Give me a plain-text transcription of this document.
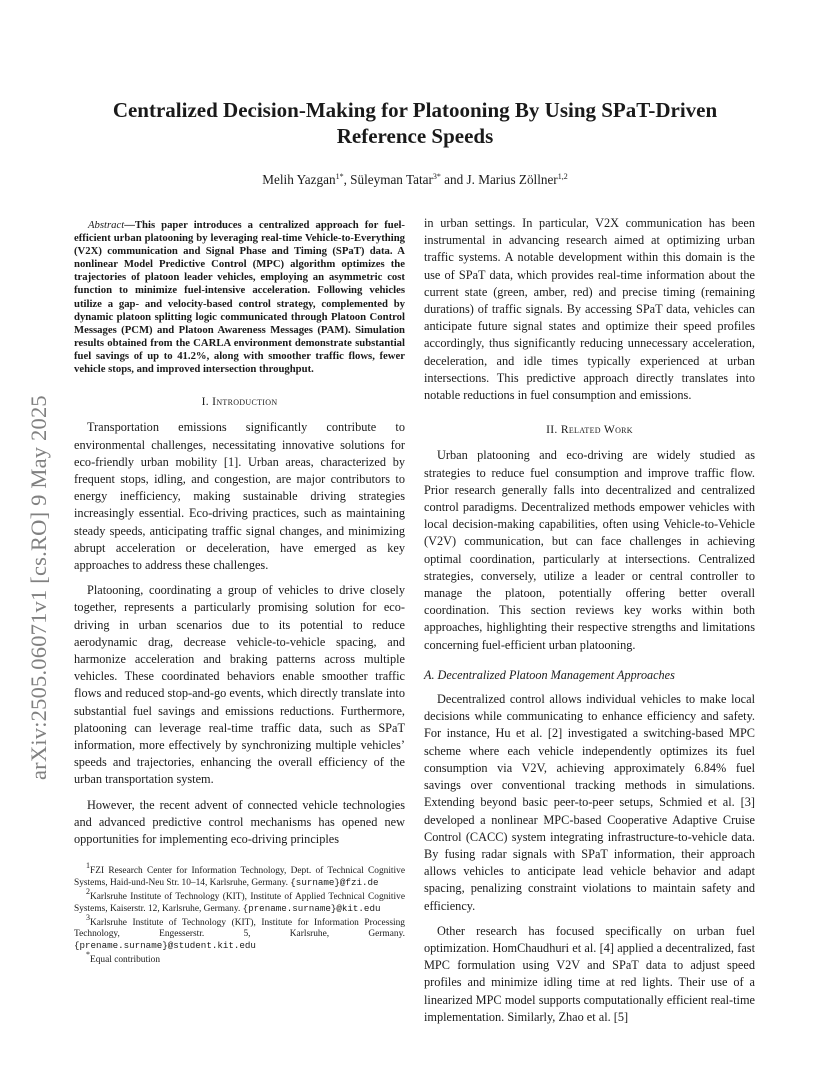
arXiv:2505.06071v1 [cs.RO] 9 May 2025
Centralized Decision-Making for Platooning By Using SPaT-Driven
Reference Speeds
Melih Yazgan$^{1*}$, Süleyman Tatar$^{3*}$ and J. Marius Zöllner$^{1,2}$

Abstract—This paper introduces a centralized approach for fuel-efficient urban platooning by leveraging real-time Vehicle-to-Everything (V2X) communication and Signal Phase and Timing (SPaT) data. A nonlinear Model Predictive Control (MPC) algorithm optimizes the trajectories of platoon leader vehicles, employing an asymmetric cost function to minimize fuel-intensive acceleration. Following vehicles utilize a gap- and velocity-based control strategy, complemented by dynamic platoon splitting logic communicated through Platoon Control Messages (PCM) and Platoon Awareness Messages (PAM). Simulation results obtained from the CARLA environment demonstrate substantial fuel savings of up to 41.2%, along with smoother traffic flows, fewer vehicle stops, and improved intersection throughput.

I. Introduction

Transportation emissions significantly contribute to environmental challenges, necessitating innovative solutions for eco-friendly urban mobility [1]. Urban areas, characterized by frequent stops, idling, and congestion, are major contributors to energy inefficiency, making sustainable driving strategies increasingly essential. Eco-driving practices, such as maintaining steady speeds, anticipating traffic signal changes, and minimizing abrupt acceleration or deceleration, have emerged as key approaches to address these challenges.

Platooning, coordinating a group of vehicles to drive closely together, represents a particularly promising solution for eco-driving in urban scenarios due to its potential to reduce aerodynamic drag, decrease vehicle-to-vehicle spacing, and harmonize acceleration and braking patterns across multiple vehicles. These coordinated behaviors enable smoother traffic flows and reduced stop-and-go events, which directly translate into substantial fuel savings and emissions reductions. Furthermore, platooning can leverage real-time traffic data, such as SPaT information, more effectively by synchronizing multiple vehicles’ speeds and trajectories, enhancing the overall efficiency of the urban transportation system.

However, the recent advent of connected vehicle technologies and advanced predictive control mechanisms has opened new opportunities for implementing eco-driving principles

$^1$FZI Research Center for Information Technology, Dept. of Technical Cognitive Systems, Haid-und-Neu Str. 10–14, Karlsruhe, Germany. {surname}@fzi.de
$^2$Karlsruhe Institute of Technology (KIT), Institute of Applied Technical Cognitive Systems, Kaiserstr. 12, Karlsruhe, Germany. {prename.surname}@kit.edu
$^3$Karlsruhe Institute of Technology (KIT), Institute for Information Processing Technology, Engesserstr. 5, Karlsruhe, Germany. {prename.surname}@student.kit.edu
*Equal contribution

in urban settings. In particular, V2X communication has been instrumental in advancing research aimed at optimizing urban traffic systems. A notable development within this domain is the use of SPaT data, which provides real-time information about the current state (green, amber, red) and precise timing (remaining durations) of traffic signals. By accessing SPaT data, vehicles can anticipate future signal states and optimize their speed profiles accordingly, thus significantly reducing unnecessary acceleration, deceleration, and idle times typically experienced at urban intersections. This predictive approach directly translates into notable reductions in fuel consumption and emissions.

II. Related Work

Urban platooning and eco-driving are widely studied as strategies to reduce fuel consumption and improve traffic flow. Prior research generally falls into decentralized and centralized control paradigms. Decentralized methods empower vehicles with local decision-making capabilities, often using Vehicle-to-Vehicle (V2V) communication, but can face challenges in achieving optimal coordination, particularly at intersections. Centralized strategies, conversely, utilize a leader or central controller to manage the platoon, potentially offering better overall coordination. This section reviews key works within both approaches, highlighting their respective strengths and limitations concerning fuel-efficient urban platooning.

A. Decentralized Platoon Management Approaches

Decentralized control allows individual vehicles to make local decisions while communicating to enhance efficiency and safety. For instance, Hu et al. [2] investigated a switching-based MPC scheme where each vehicle independently optimizes its fuel consumption via V2V, achieving approximately 6.84% fuel savings over conventional tracking methods in simulations. Extending beyond basic peer-to-peer setups, Schmied et al. [3] developed a nonlinear MPC-based Cooperative Adaptive Cruise Control (CACC) system integrating infrastructure-to-vehicle data. By fusing radar signals with SPaT information, their approach allows vehicles to anticipate lead vehicle behavior and adapt spacing, penalizing constraint violations to maintain safety and efficiency.

Other research has focused specifically on urban fuel optimization. HomChaudhuri et al. [4] applied a decentralized, fast MPC formulation using V2V and SPaT data to adjust speed profiles and minimize idling time at red lights. Their use of a linearized MPC model supports computationally efficient real-time implementation. Similarly, Zhao et al. [5]
